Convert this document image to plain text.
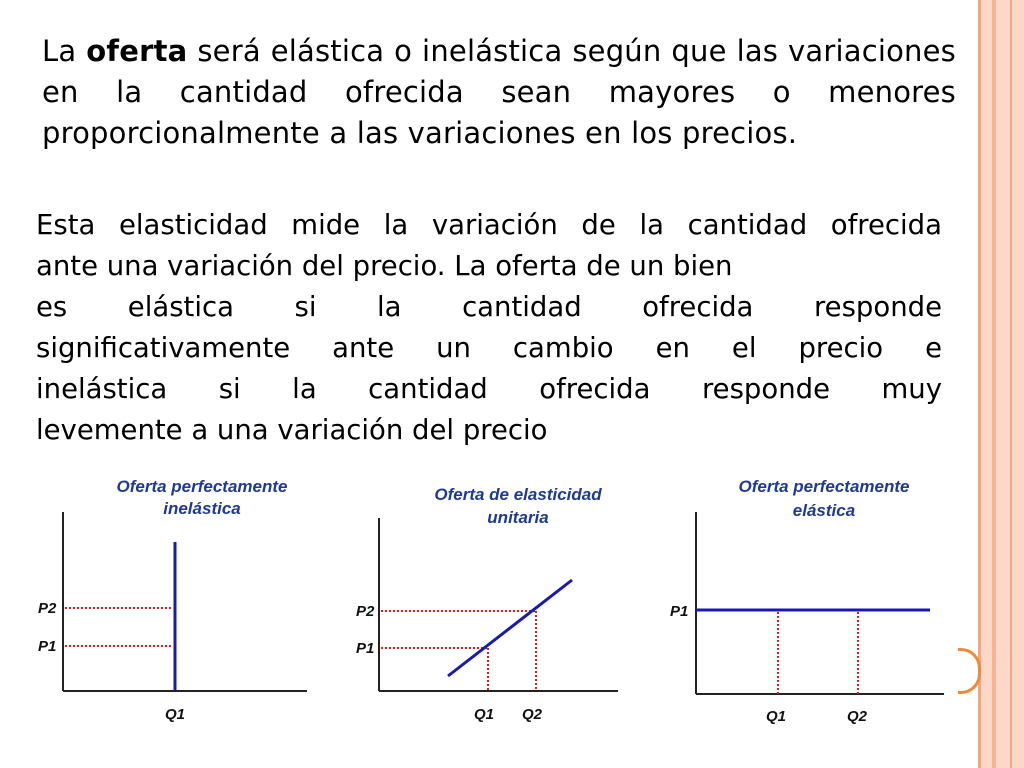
La oferta será elástica o inelástica según que las variaciones en la cantidad ofrecida sean mayores o menores proporcionalmente a las variaciones en los precios.
Esta elasticidad mide la variación de la cantidad ofrecida
ante una variación del precio. La oferta de un bien
es elástica si la cantidad ofrecida responde
significativamente ante un cambio en el precio e
inelástica si la cantidad ofrecida responde muy
levemente a una variación del precio
Oferta perfectamente
inelástica
P2
P1
Q1
Oferta de elasticidad
unitaria
P2
P1
Q1 Q2
Oferta perfectamente
elástica
P1
Q1	Q2
